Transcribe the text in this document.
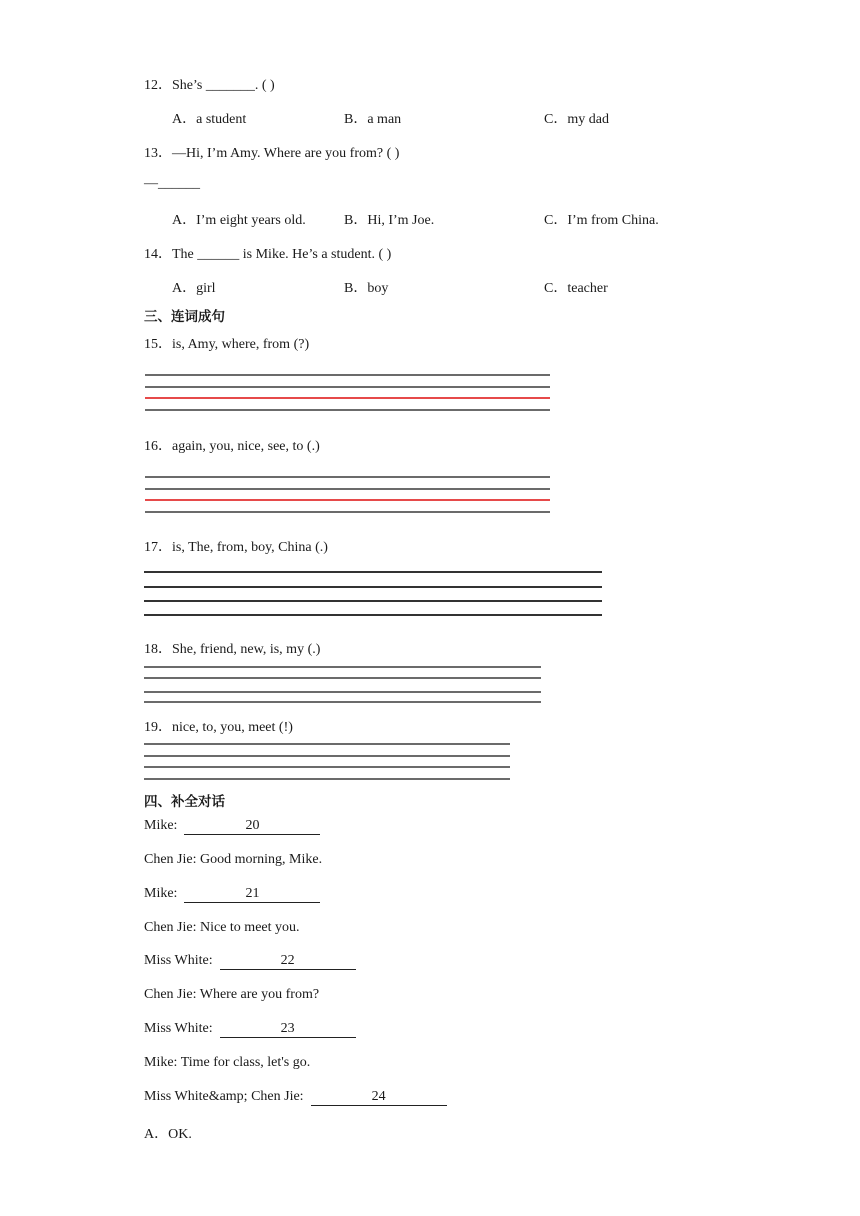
12．She’s _______. ( )
A．a student	B．a man	C．my dad
13．—Hi, I’m Amy. Where are you from? ( )
—______
A．I’m eight years old.	B．Hi, I’m Joe.	C．I’m from China.
14．The ______ is Mike. He’s a student. ( )
A．girl	B．boy	C．teacher
三、连词成句
15．is, Amy, where, from (?)
16．again, you, nice, see, to (.)
17．is, The, from, boy, China (.)
18．She, friend, new, is, my (.)
19．nice, to, you, meet (!)
四、补全对话
Mike:	20
Chen Jie: Good morning, Mike.
Mike:	21
Chen Jie: Nice to meet you.
Miss White:	22
Chen Jie: Where are you from?
Miss White:	23
Mike: Time for class, let's go.
Miss White&amp; Chen Jie:	24
A．OK.
